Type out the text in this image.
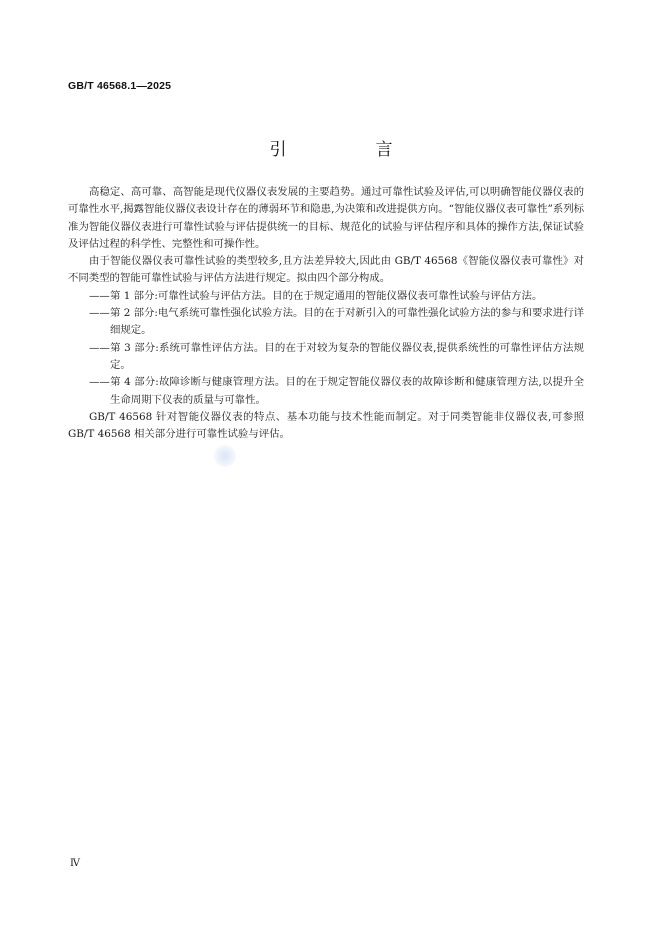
GB/T 46568.1—2025
引　言

高稳定、高可靠、高智能是现代仪器仪表发展的主要趋势。通过可靠性试验及评估,可以明确智能仪器仪表的可靠性水平,揭露智能仪器仪表设计存在的薄弱环节和隐患,为决策和改进提供方向。“智能仪器仪表可靠性”系列标准为智能仪器仪表进行可靠性试验与评估提供统一的目标、规范化的试验与评估程序和具体的操作方法,保证试验及评估过程的科学性、完整性和可操作性。

由于智能仪器仪表可靠性试验的类型较多,且方法差异较大,因此由 GB/T 46568《智能仪器仪表可靠性》对不同类型的智能可靠性试验与评估方法进行规定。拟由四个部分构成。

——第 1 部分:可靠性试验与评估方法。目的在于规定通用的智能仪器仪表可靠性试验与评估方法。

——第 2 部分:电气系统可靠性强化试验方法。目的在于对新引入的可靠性强化试验方法的参与和要求进行详细规定。

——第 3 部分:系统可靠性评估方法。目的在于对较为复杂的智能仪器仪表,提供系统性的可靠性评估方法规定。

——第 4 部分:故障诊断与健康管理方法。目的在于规定智能仪器仪表的故障诊断和健康管理方法,以提升全生命周期下仪表的质量与可靠性。

GB/T 46568 针对智能仪器仪表的特点、基本功能与技术性能而制定。对于同类智能非仪器仪表,可参照 GB/T 46568 相关部分进行可靠性试验与评估。

Ⅳ
